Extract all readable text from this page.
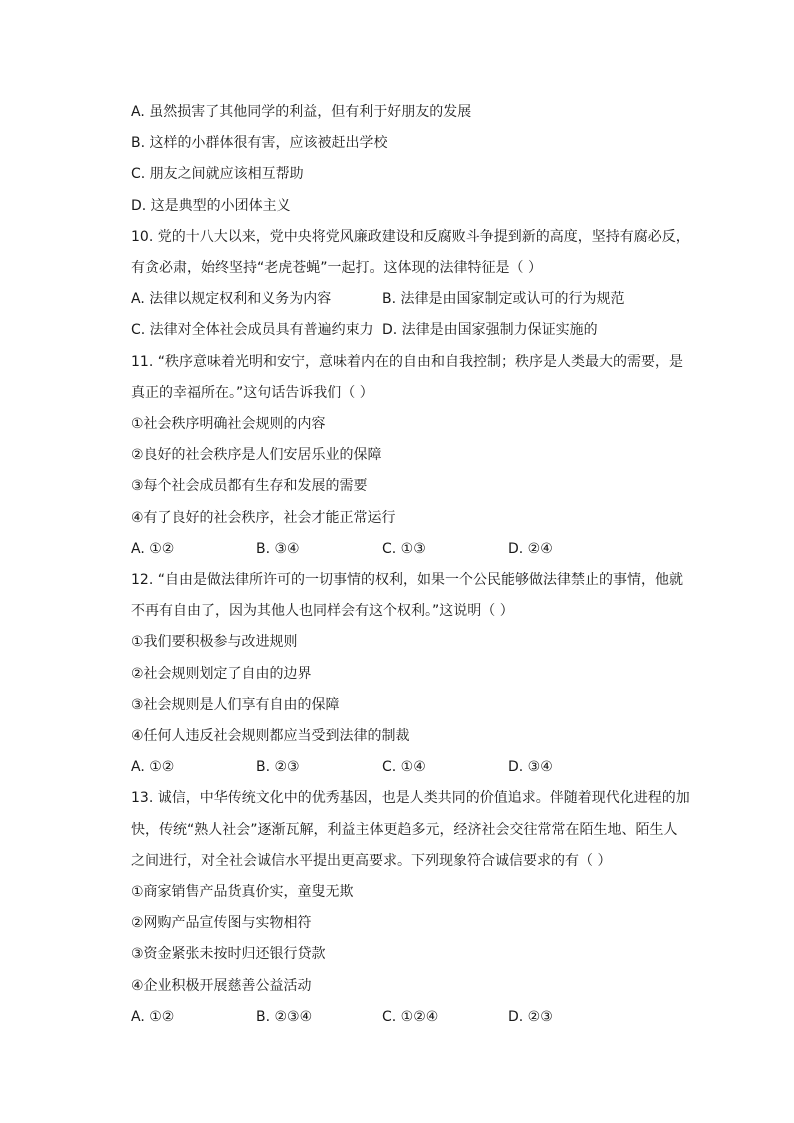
A. 虽然损害了其他同学的利益，但有利于好朋友的发展
B. 这样的小群体很有害，应该被赶出学校
C. 朋友之间就应该相互帮助
D. 这是典型的小团体主义
10. 党的十八大以来，党中央将党风廉政建设和反腐败斗争提到新的高度，坚持有腐必反，
有贪必肃，始终坚持“老虎苍蝇”一起打。这体现的法律特征是（ ）
A. 法律以规定权利和义务为内容	B. 法律是由国家制定或认可的行为规范
C. 法律对全体社会成员具有普遍约束力 D. 法律是由国家强制力保证实施的
11. “秩序意味着光明和安宁，意味着内在的自由和自我控制；秩序是人类最大的需要，是
真正的幸福所在。”这句话告诉我们（ ）
①社会秩序明确社会规则的内容
②良好的社会秩序是人们安居乐业的保障
③每个社会成员都有生存和发展的需要
④有了良好的社会秩序，社会才能正常运行
A. ①②	B. ③④	C. ①③	D. ②④
12. “自由是做法律所许可的一切事情的权利，如果一个公民能够做法律禁止的事情，他就
不再有自由了，因为其他人也同样会有这个权利。”这说明（ ）
①我们要积极参与改进规则
②社会规则划定了自由的边界
③社会规则是人们享有自由的保障
④任何人违反社会规则都应当受到法律的制裁
A. ①②	B. ②③	C. ①④	D. ③④
13. 诚信，中华传统文化中的优秀基因，也是人类共同的价值追求。伴随着现代化进程的加
快，传统“熟人社会”逐渐瓦解，利益主体更趋多元，经济社会交往常常在陌生地、陌生人
之间进行，对全社会诚信水平提出更高要求。下列现象符合诚信要求的有（ ）
①商家销售产品货真价实，童叟无欺
②网购产品宣传图与实物相符
③资金紧张未按时归还银行贷款
④企业积极开展慈善公益活动
A. ①②	B. ②③④	C. ①②④	D. ②③
